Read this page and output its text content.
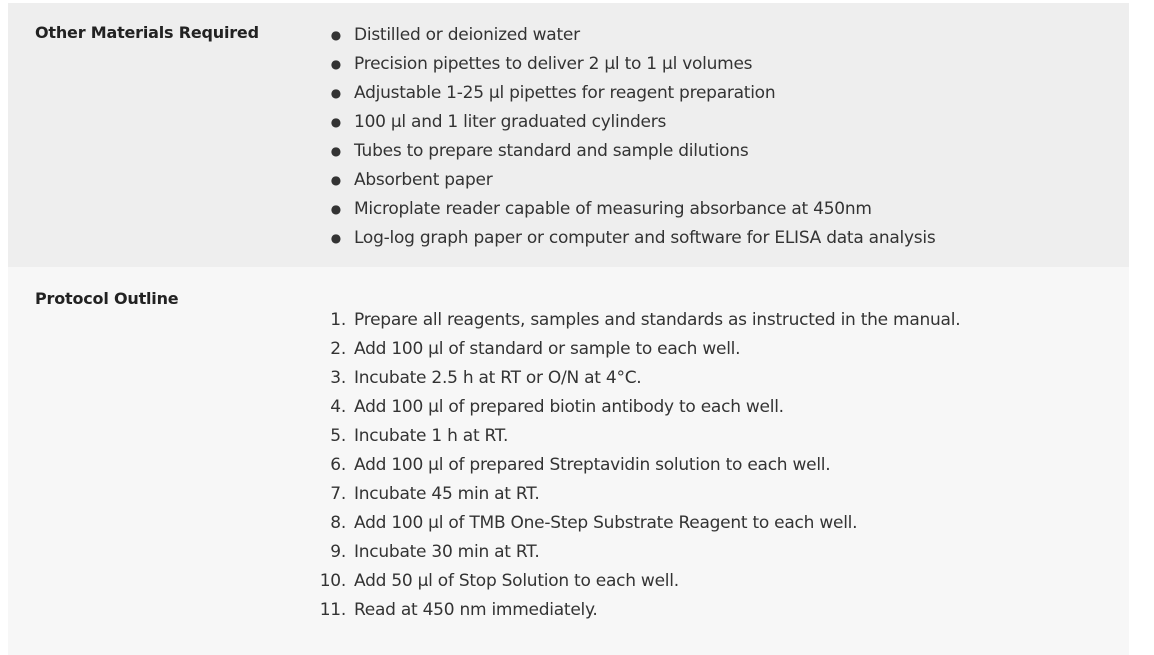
Other Materials Required	● Distilled or deionized water
● Precision pipettes to deliver 2 µl to 1 µl volumes
● Adjustable 1-25 µl pipettes for reagent preparation
● 100 µl and 1 liter graduated cylinders
● Tubes to prepare standard and sample dilutions
● Absorbent paper
● Microplate reader capable of measuring absorbance at 450nm
● Log-log graph paper or computer and software for ELISA data analysis
Protocol Outline
1. Prepare all reagents, samples and standards as instructed in the manual.
2. Add 100 µl of standard or sample to each well.
3. Incubate 2.5 h at RT or O/N at 4°C.
4. Add 100 µl of prepared biotin antibody to each well.
5. Incubate 1 h at RT.
6. Add 100 µl of prepared Streptavidin solution to each well.
7. Incubate 45 min at RT.
8. Add 100 µl of TMB One-Step Substrate Reagent to each well.
9. Incubate 30 min at RT.
10. Add 50 µl of Stop Solution to each well.
11. Read at 450 nm immediately.
